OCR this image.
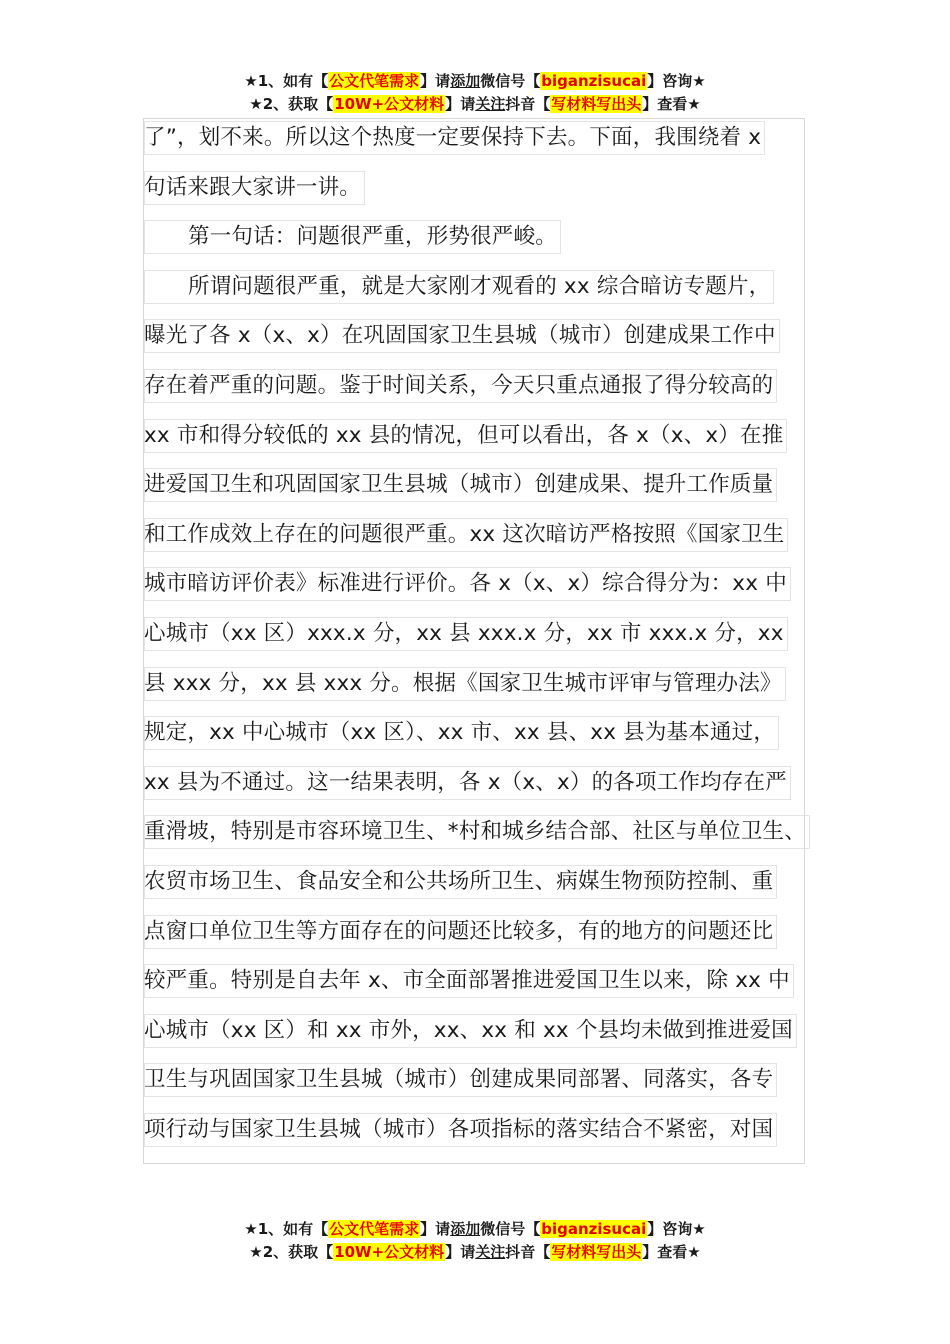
★1、如有【公文代笔需求】请添加微信号【biganzisucai】咨询★
★2、获取【10W+公文材料】请关注抖音【写材料写出头】查看★
了”，划不来。所以这个热度一定要保持下去。下面，我围绕着 x
句话来跟大家讲一讲。
第一句话：问题很严重，形势很严峻。
所谓问题很严重，就是大家刚才观看的 xx 综合暗访专题片，
曝光了各 x（x、x）在巩固国家卫生县城（城市）创建成果工作中
存在着严重的问题。鉴于时间关系，今天只重点通报了得分较高的
xx 市和得分较低的 xx 县的情况，但可以看出，各 x（x、x）在推
进爱国卫生和巩固国家卫生县城（城市）创建成果、提升工作质量
和工作成效上存在的问题很严重。xx 这次暗访严格按照《国家卫生
城市暗访评价表》标准进行评价。各 x（x、x）综合得分为：xx 中
心城市（xx 区）xxx.x 分，xx 县 xxx.x 分，xx 市 xxx.x 分，xx
县 xxx 分，xx 县 xxx 分。根据《国家卫生城市评审与管理办法》
规定，xx 中心城市（xx 区）、xx 市、xx 县、xx 县为基本通过，
xx 县为不通过。这一结果表明，各 x（x、x）的各项工作均存在严
重滑坡，特别是市容环境卫生、*村和城乡结合部、社区与单位卫生、
农贸市场卫生、食品安全和公共场所卫生、病媒生物预防控制、重
点窗口单位卫生等方面存在的问题还比较多，有的地方的问题还比
较严重。特别是自去年 x、市全面部署推进爱国卫生以来，除 xx 中
心城市（xx 区）和 xx 市外，xx、xx 和 xx 个县均未做到推进爱国
卫生与巩固国家卫生县城（城市）创建成果同部署、同落实，各专
项行动与国家卫生县城（城市）各项指标的落实结合不紧密，对国
★1、如有【公文代笔需求】请添加微信号【biganzisucai】咨询★
★2、获取【10W+公文材料】请关注抖音【写材料写出头】查看★
